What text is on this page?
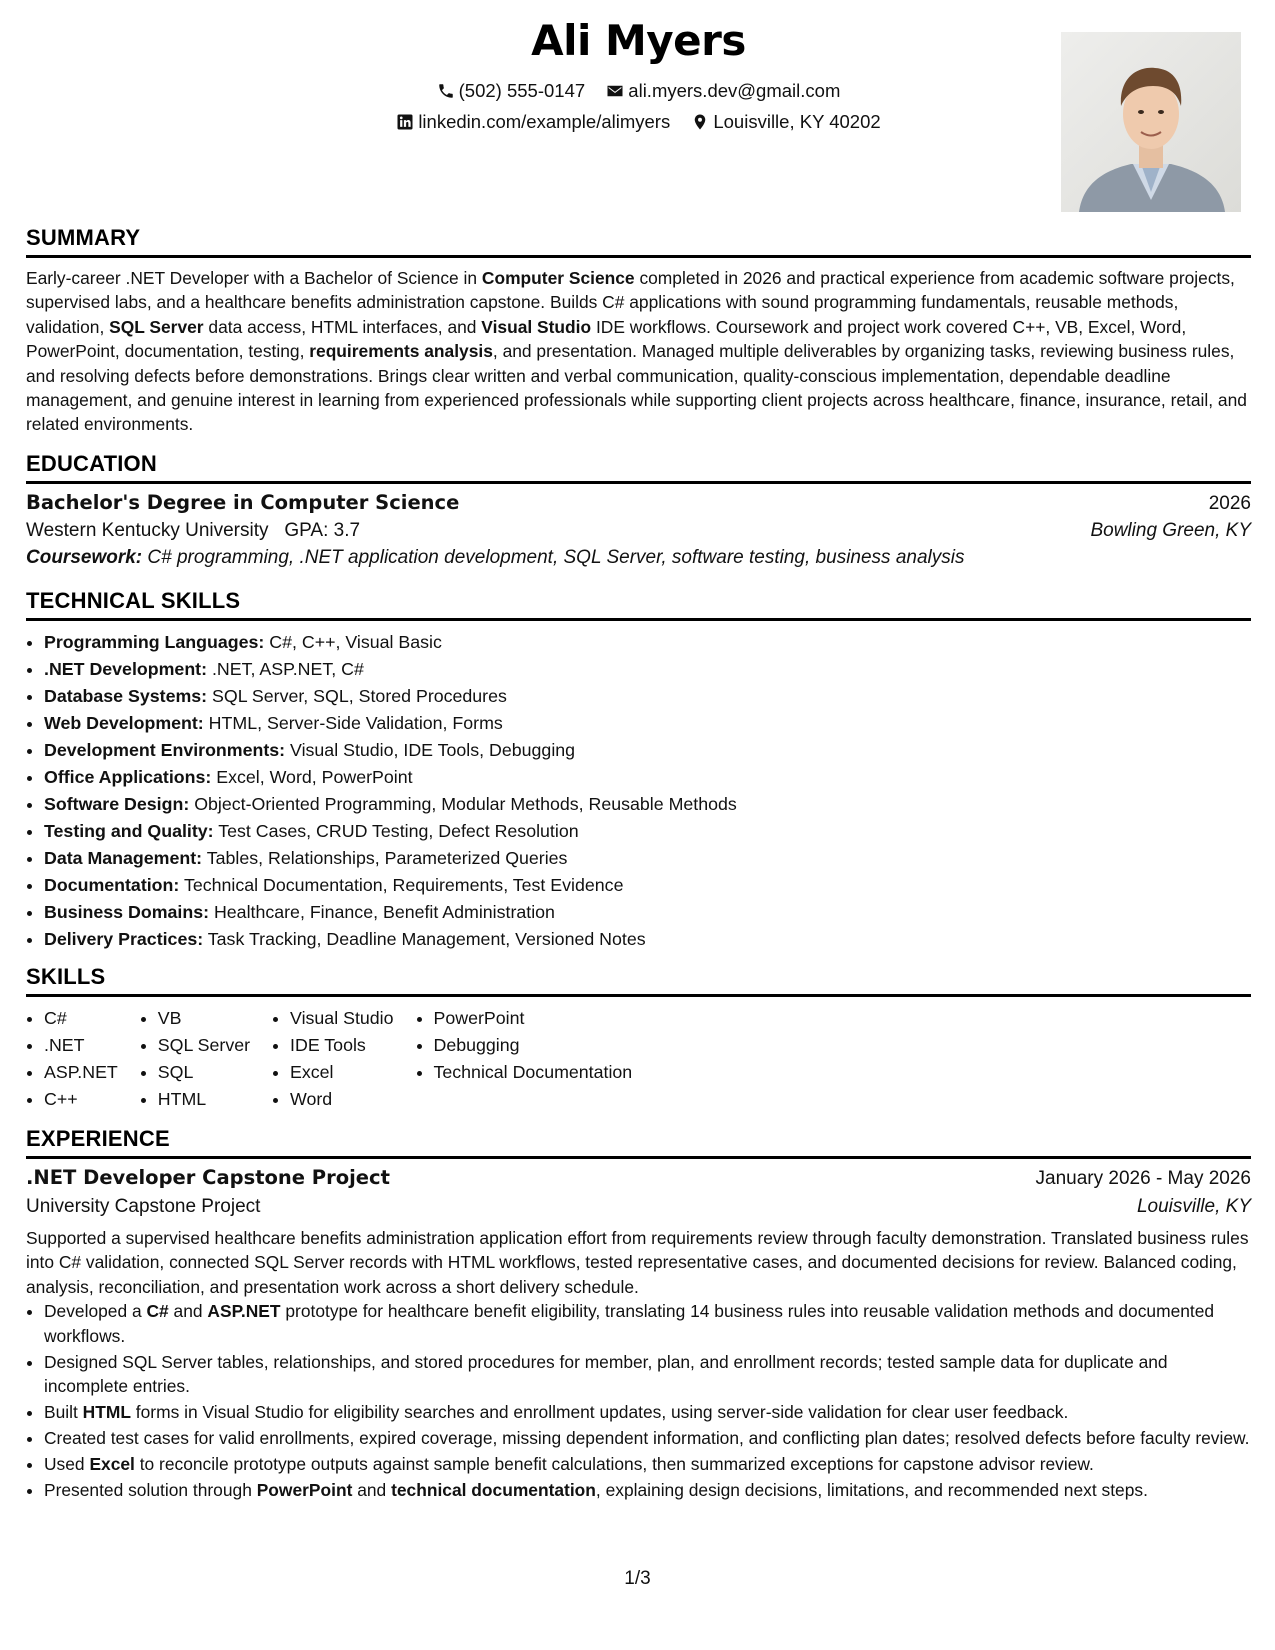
Ali Myers
(502) 555-0147
ali.myers.dev@gmail.com
linkedin.com/example/alimyers
Louisville, KY 40202
SUMMARY

Early-career .NET Developer with a Bachelor of Science in Computer Science completed in 2026 and practical experience from academic software projects, supervised labs, and a healthcare benefits administration capstone. Builds C# applications with sound programming fundamentals, reusable methods, validation, SQL Server data access, HTML interfaces, and Visual Studio IDE workflows. Coursework and project work covered C++, VB, Excel, Word, PowerPoint, documentation, testing, requirements analysis, and presentation. Managed multiple deliverables by organizing tasks, reviewing business rules, and resolving defects before demonstrations. Brings clear written and verbal communication, quality-conscious implementation, dependable deadline management, and genuine interest in learning from experienced professionals while supporting client projects across healthcare, finance, insurance, retail, and related environments.

EDUCATION
Bachelor's Degree in Computer Science	2026
Western Kentucky University GPA: 3.7	Bowling Green, KY
Coursework: C# programming, .NET application development, SQL Server, software testing, business analysis
TECHNICAL SKILLS
• Programming Languages: C#, C++, Visual Basic
• .NET Development: .NET, ASP.NET, C#
• Database Systems: SQL Server, SQL, Stored Procedures
• Web Development: HTML, Server-Side Validation, Forms
• Development Environments: Visual Studio, IDE Tools, Debugging
• Office Applications: Excel, Word, PowerPoint
• Software Design: Object-Oriented Programming, Modular Methods, Reusable Methods
• Testing and Quality: Test Cases, CRUD Testing, Defect Resolution
• Data Management: Tables, Relationships, Parameterized Queries
• Documentation: Technical Documentation, Requirements, Test Evidence
• Business Domains: Healthcare, Finance, Benefit Administration
• Delivery Practices: Task Tracking, Deadline Management, Versioned Notes
SKILLS
• C#
• .NET
• ASP.NET
• C++
• VB
• SQL Server
• SQL
• HTML
• Visual Studio
• IDE Tools
• Excel
• Word
• PowerPoint
• Debugging
• Technical Documentation
EXPERIENCE
.NET Developer Capstone Project	January 2026 - May 2026
University Capstone Project	Louisville, KY

Supported a supervised healthcare benefits administration application effort from requirements review through faculty demonstration. Translated business rules into C# validation, connected SQL Server records with HTML workflows, tested representative cases, and documented decisions for review. Balanced coding, analysis, reconciliation, and presentation work across a short delivery schedule.

• Developed a C# and ASP.NET prototype for healthcare benefit eligibility, translating 14 business rules into reusable validation methods and documented workflows.
• Designed SQL Server tables, relationships, and stored procedures for member, plan, and enrollment records; tested sample data for duplicate and incomplete entries.
• Built HTML forms in Visual Studio for eligibility searches and enrollment updates, using server-side validation for clear user feedback.
• Created test cases for valid enrollments, expired coverage, missing dependent information, and conflicting plan dates; resolved defects before faculty review.
• Used Excel to reconcile prototype outputs against sample benefit calculations, then summarized exceptions for capstone advisor review.
• Presented solution through PowerPoint and technical documentation, explaining design decisions, limitations, and recommended next steps.
1/3
